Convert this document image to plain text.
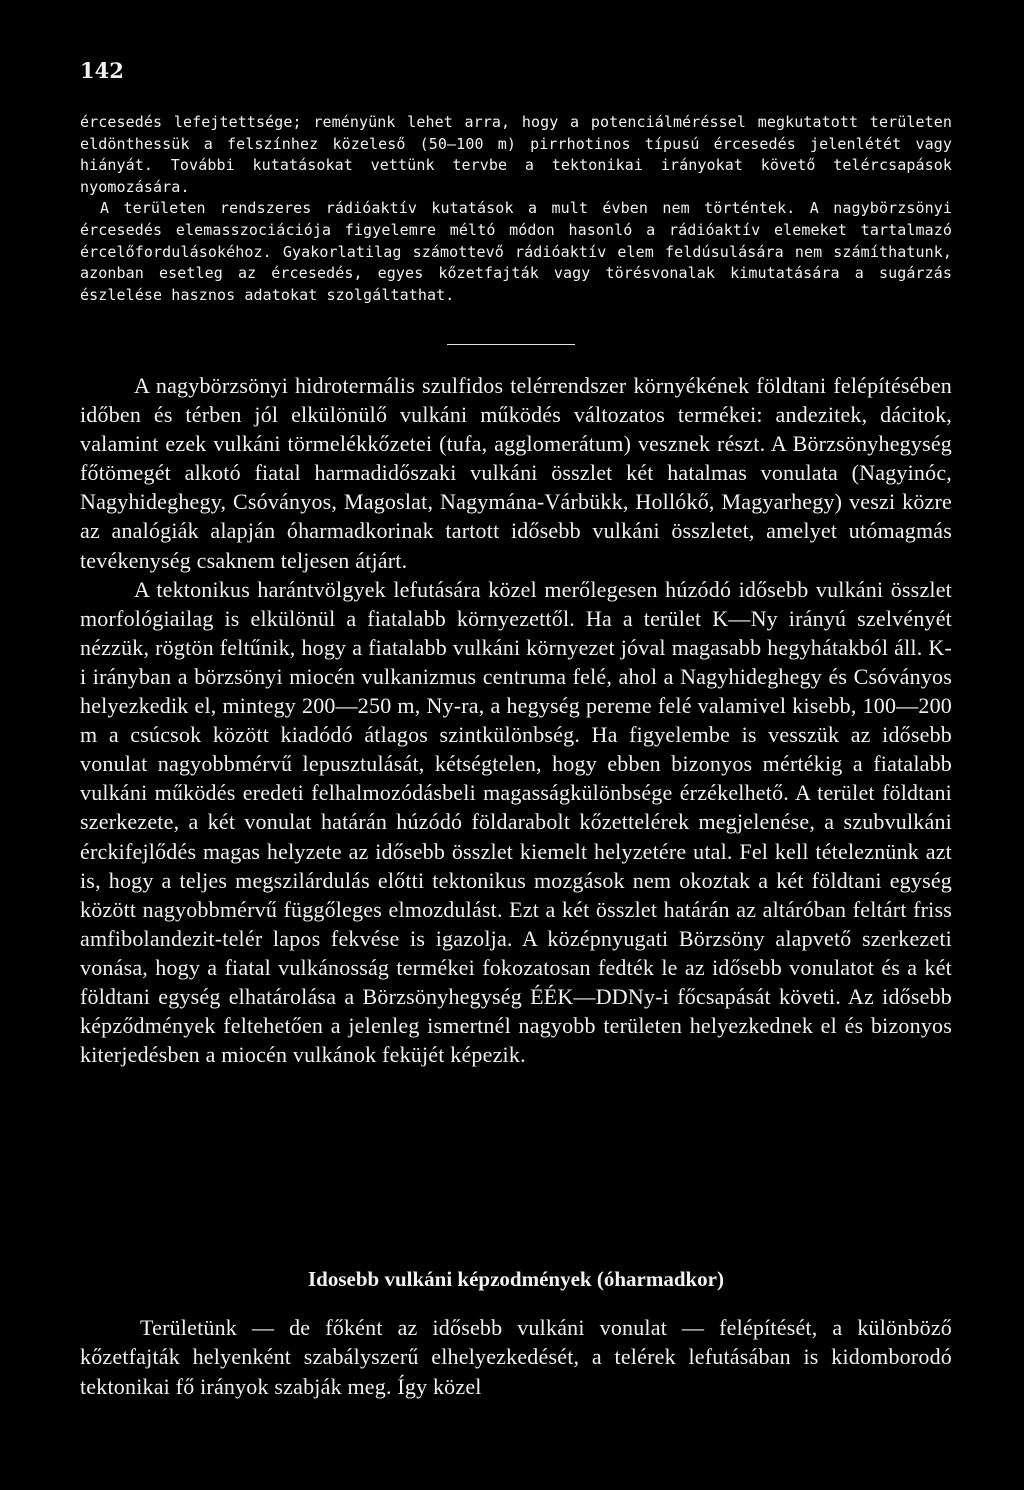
142

ércesedés lefejtettsége; reményünk lehet arra, hogy a potenciálméréssel megkutatott területen eldönthessük a felszínhez közeleső (50—100 m) pirrhotinos típusú ércesedés jelenlétét vagy hiányát. További kutatásokat vettünk tervbe a tektonikai irányokat követő telércsapások nyomozására.

A területen rendszeres rádióaktív kutatások a mult évben nem történtek. A nagybörzsönyi ércesedés elemasszociációja figyelemre méltó módon hasonló a rádióaktív elemeket tartalmazó ércelőfordulásokéhoz. Gyakorlatilag számottevő rádióaktív elem feldúsulására nem számíthatunk, azonban esetleg az ércesedés, egyes kőzetfajták vagy törésvonalak kimutatására a sugárzás észlelése hasznos adatokat szolgáltathat.

A nagybörzsönyi hidrotermális szulfidos telérrendszer környékének földtani felépítésében időben és térben jól elkülönülő vulkáni működés változatos termékei: andezitek, dácitok, valamint ezek vulkáni törmelékkőzetei (tufa, agglomerátum) vesznek részt. A Börzsönyhegység főtömegét alkotó fiatal harmadidőszaki vulkáni összlet két hatalmas vonulata (Nagyinóc, Nagyhideghegy, Csóványos, Magoslat, Nagymána-Várbükk, Hollókő, Magyarhegy) veszi közre az analógiák alapján óharmadkorinak tartott idősebb vulkáni összletet, amelyet utómagmás tevékenység csaknem teljesen átjárt.

A tektonikus harántvölgyek lefutására közel merőlegesen húzódó idősebb vulkáni összlet morfológiailag is elkülönül a fiatalabb környezettől. Ha a terület K—Ny irányú szelvényét nézzük, rögtön feltűnik, hogy a fiatalabb vulkáni környezet jóval magasabb hegyhátakból áll. K-i irányban a börzsönyi miocén vulkanizmus centruma felé, ahol a Nagyhideghegy és Csóványos helyezkedik el, mintegy 200—250 m, Ny-ra, a hegység pereme felé valamivel kisebb, 100—200 m a csúcsok között kiadódó átlagos szintkülönbség. Ha figyelembe is vesszük az idősebb vonulat nagyobbmérvű lepusztulását, kétségtelen, hogy ebben bizonyos mértékig a fiatalabb vulkáni működés eredeti felhalmozódásbeli magasságkülönbsége érzékelhető. A terület földtani szerkezete, a két vonulat határán húzódó földarabolt kőzettelérek megjelenése, a szubvulkáni érckifejlődés magas helyzete az idősebb összlet kiemelt helyzetére utal. Fel kell tételeznünk azt is, hogy a teljes megszilárdulás előtti tektonikus mozgások nem okoztak a két földtani egység között nagyobbmérvű függőleges elmozdulást. Ezt a két összlet határán az altáróban feltárt friss amfibolandezit-telér lapos fekvése is igazolja. A középnyugati Börzsöny alapvető szerkezeti vonása, hogy a fiatal vulkánosság termékei fokozatosan fedték le az idősebb vonulatot és a két földtani egység elhatárolása a Börzsönyhegység ÉÉK—DDNy-i főcsapását követi. Az idősebb képződmények feltehetően a jelenleg ismertnél nagyobb területen helyezkednek el és bizonyos kiterjedésben a miocén vulkánok feküjét képezik.

Idosebb vulkáni képzodmények (óharmadkor)

Területünk — de főként az idősebb vulkáni vonulat — felépítését, a különböző kőzetfajták helyenként szabályszerű elhelyezkedését, a telérek lefutásában is kidomborodó tektonikai fő irányok szabják meg. Így közel
